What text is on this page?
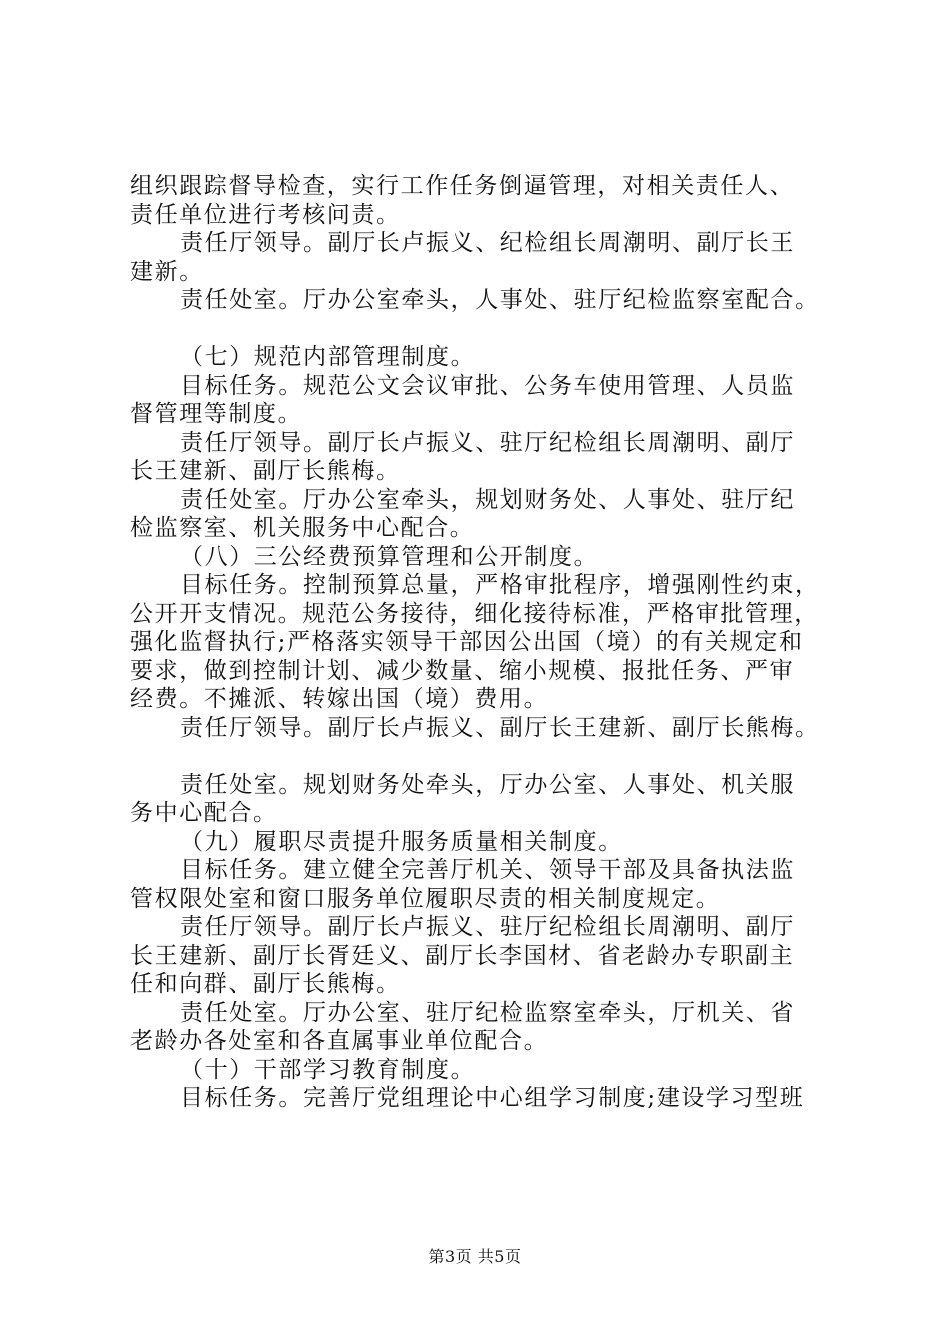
组织跟踪督导检查，实行工作任务倒逼管理，对相关责任人、
责任单位进行考核问责。
责任厅领导。副厅长卢振义、纪检组长周潮明、副厅长王
建新。
责任处室。厅办公室牵头，人事处、驻厅纪检监察室配合。
（七）规范内部管理制度。
目标任务。规范公文会议审批、公务车使用管理、人员监
督管理等制度。
责任厅领导。副厅长卢振义、驻厅纪检组长周潮明、副厅
长王建新、副厅长熊梅。
责任处室。厅办公室牵头，规划财务处、人事处、驻厅纪
检监察室、机关服务中心配合。
（八）三公经费预算管理和公开制度。
目标任务。控制预算总量，严格审批程序，增强刚性约束，
公开开支情况。规范公务接待，细化接待标准，严格审批管理，
强化监督执行;严格落实领导干部因公出国（境）的有关规定和
要求，做到控制计划、减少数量、缩小规模、报批任务、严审
经费。不摊派、转嫁出国（境）费用。
责任厅领导。副厅长卢振义、副厅长王建新、副厅长熊梅。
责任处室。规划财务处牵头，厅办公室、人事处、机关服
务中心配合。
（九）履职尽责提升服务质量相关制度。
目标任务。建立健全完善厅机关、领导干部及具备执法监
管权限处室和窗口服务单位履职尽责的相关制度规定。
责任厅领导。副厅长卢振义、驻厅纪检组长周潮明、副厅
长王建新、副厅长胥廷义、副厅长李国材、省老龄办专职副主
任和向群、副厅长熊梅。
责任处室。厅办公室、驻厅纪检监察室牵头，厅机关、省
老龄办各处室和各直属事业单位配合。
（十）干部学习教育制度。
目标任务。完善厅党组理论中心组学习制度;建设学习型班
第3页 共5页
